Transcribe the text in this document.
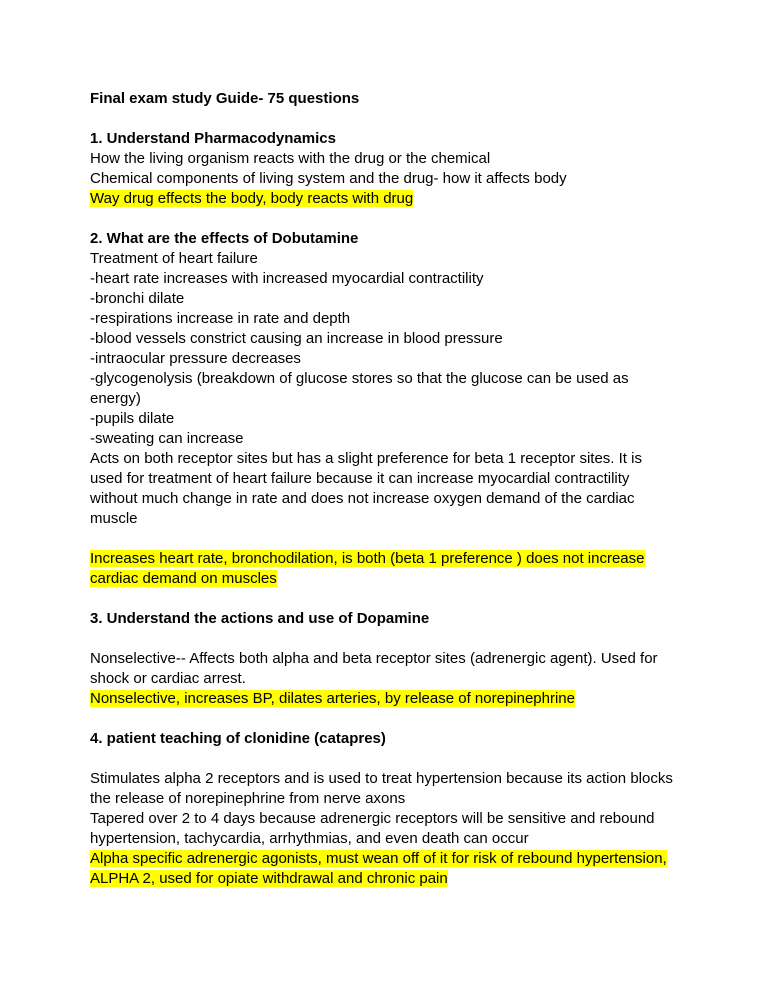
Final exam study Guide- 75 questions
1. Understand Pharmacodynamics
How the living organism reacts with the drug or the chemical
Chemical components of living system and the drug- how it affects body
Way drug effects the body, body reacts with drug
2. What are the effects of Dobutamine
Treatment of heart failure
-heart rate increases with increased myocardial contractility
-bronchi dilate
-respirations increase in rate and depth
-blood vessels constrict causing an increase in blood pressure
-intraocular pressure decreases
-glycogenolysis (breakdown of glucose stores so that the glucose can be used as
energy)
-pupils dilate
-sweating can increase
Acts on both receptor sites but has a slight preference for beta 1 receptor sites. It is
used for treatment of heart failure because it can increase myocardial contractility
without much change in rate and does not increase oxygen demand of the cardiac
muscle
Increases heart rate, bronchodilation, is both (beta 1 preference ) does not increase
cardiac demand on muscles
3. Understand the actions and use of Dopamine
Nonselective-- Affects both alpha and beta receptor sites (adrenergic agent). Used for
shock or cardiac arrest.
Nonselective, increases BP, dilates arteries, by release of norepinephrine
4. patient teaching of clonidine (catapres)
Stimulates alpha 2 receptors and is used to treat hypertension because its action blocks
the release of norepinephrine from nerve axons
Tapered over 2 to 4 days because adrenergic receptors will be sensitive and rebound
hypertension, tachycardia, arrhythmias, and even death can occur
Alpha specific adrenergic agonists, must wean off of it for risk of rebound hypertension,
ALPHA 2, used for opiate withdrawal and chronic pain
